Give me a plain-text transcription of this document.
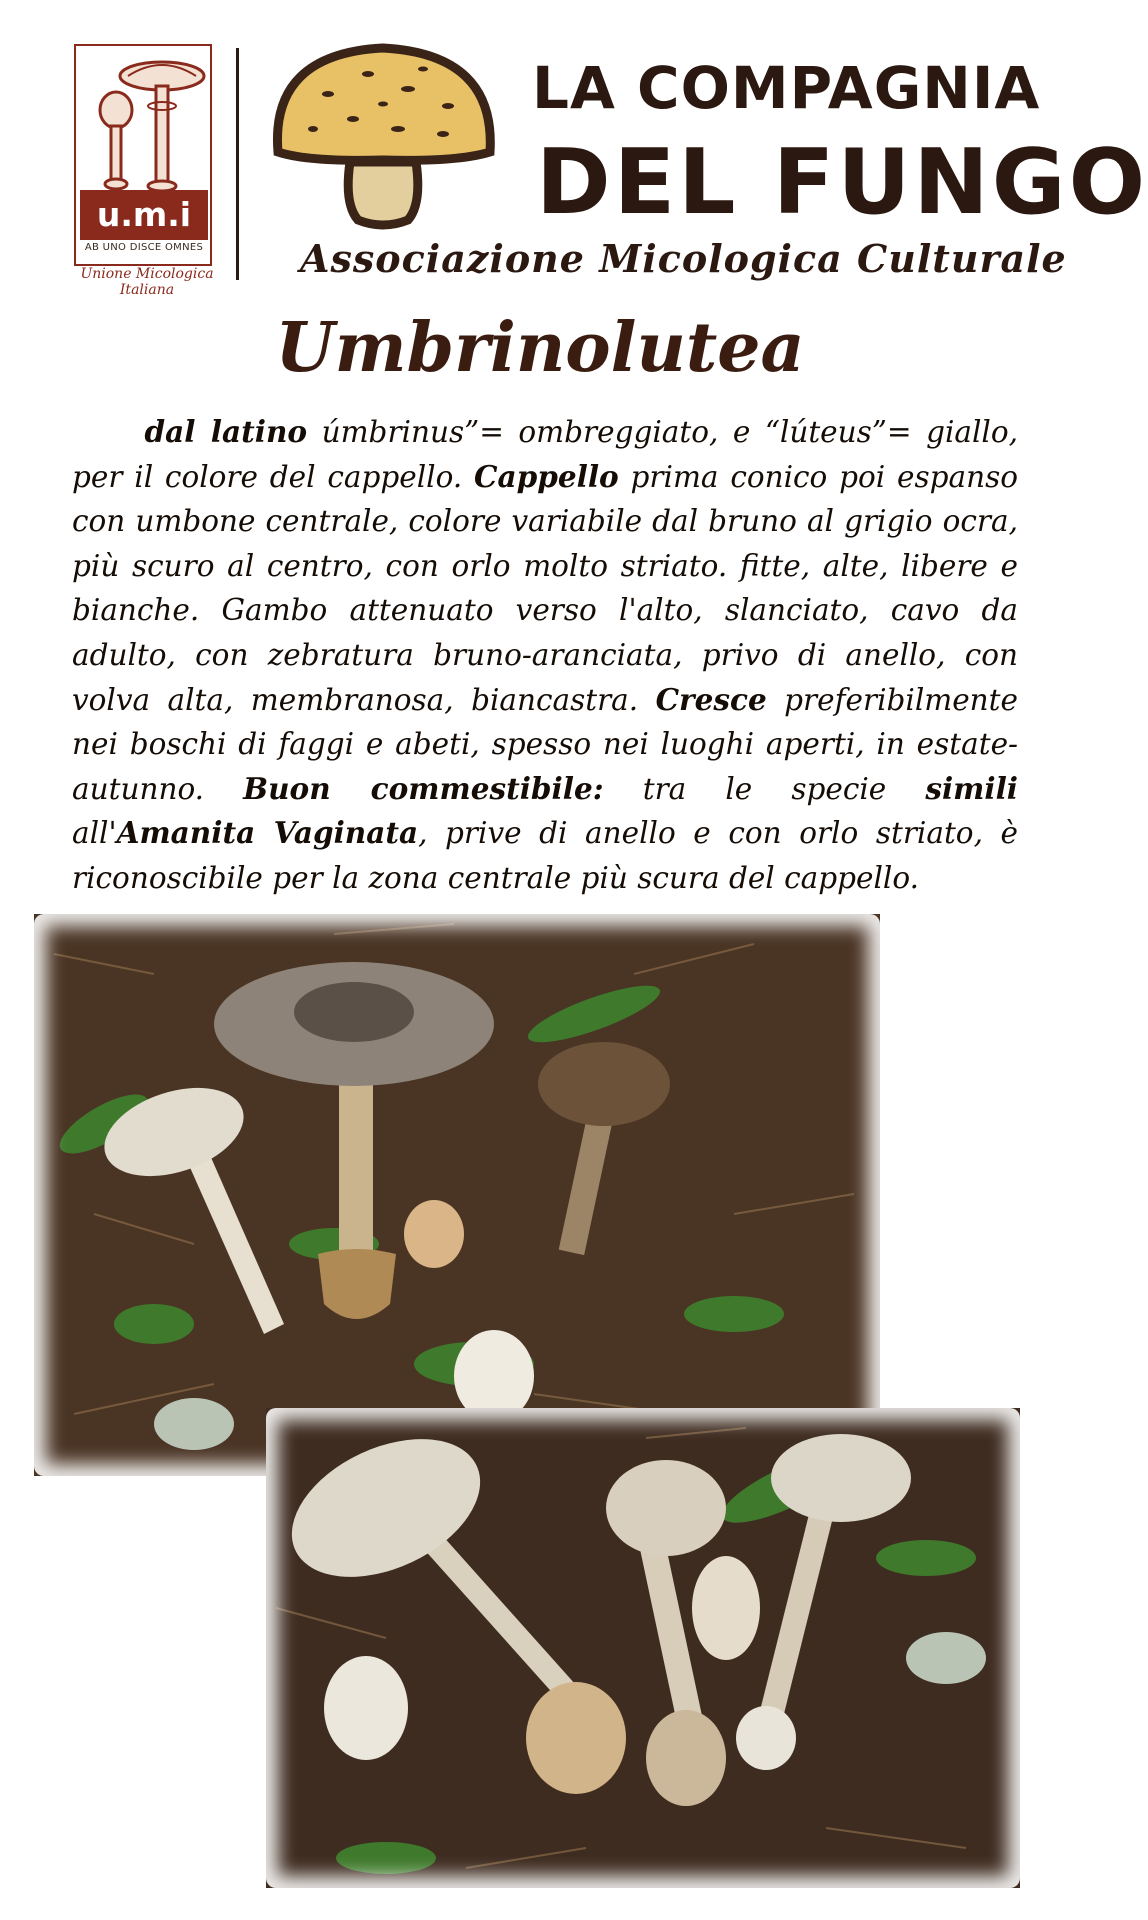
u.m.i
AB UNO DISCE OMNES
Unione Micologica Italiana
LA COMPAGNIA
DEL FUNGO
Associazione Micologica Culturale
Umbrinolutea
dal latino úmbrinus”= ombreggiato, e “lúteus”= giallo, per il colore del cappello. Cappello prima conico poi espanso con umbone centrale, colore variabile dal bruno al grigio ocra, più scuro al centro, con orlo molto striato. fitte, alte, libere e bianche. Gambo attenuato verso l'alto, slanciato, cavo da adulto, con zebratura bruno-aranciata, privo di anello, con volva alta, membranosa, biancastra. Cresce preferibilmente nei boschi di faggi e abeti, spesso nei luoghi aperti, in estate-autunno. Buon commestibile: tra le specie simili all'Amanita Vaginata, prive di anello e con orlo striato, è riconoscibile per la zona centrale più scura del cappello.
